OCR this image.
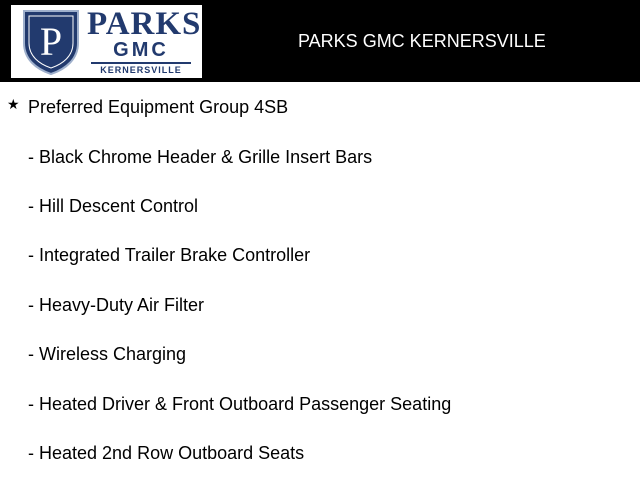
P PARKS
GMC
KERNERSVILLE
PARKS GMC KERNERSVILLE
★ Preferred Equipment Group 4SB
- Black Chrome Header & Grille Insert Bars
- Hill Descent Control
- Integrated Trailer Brake Controller
- Heavy-Duty Air Filter
- Wireless Charging
- Heated Driver & Front Outboard Passenger Seating
- Heated 2nd Row Outboard Seats
